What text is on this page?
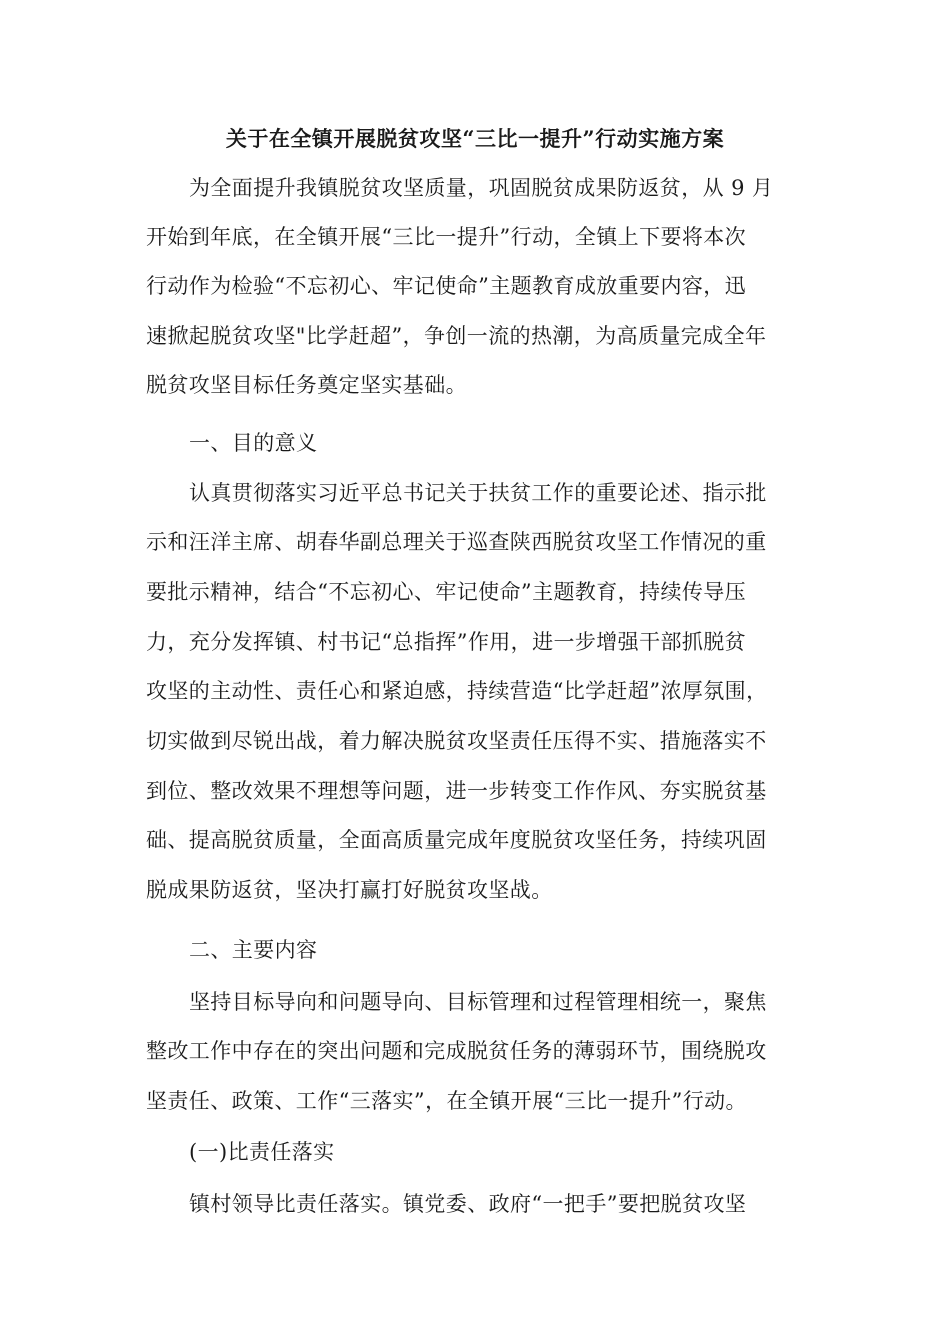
关于在全镇开展脱贫攻坚“三比一提升”行动实施方案
为全面提升我镇脱贫攻坚质量，巩固脱贫成果防返贫，从 9 月
开始到年底，在全镇开展“三比一提升”行动，全镇上下要将本次
行动作为检验“不忘初心、牢记使命”主题教育成放重要内容，迅
速掀起脱贫攻坚"比学赶超”，争创一流的热潮，为高质量完成全年
脱贫攻坚目标任务奠定坚实基础。
一、目的意义
认真贯彻落实习近平总书记关于扶贫工作的重要论述、指示批
示和汪洋主席、胡春华副总理关于巡查陕西脱贫攻坚工作情况的重
要批示精神，结合“不忘初心、牢记使命”主题教育，持续传导压
力，充分发挥镇、村书记“总指挥”作用，进一步增强干部抓脱贫
攻坚的主动性、责任心和紧迫感，持续营造“比学赶超”浓厚氛围，
切实做到尽锐出战，着力解决脱贫攻坚责任压得不实、措施落实不
到位、整改效果不理想等问题，进一步转变工作作风、夯实脱贫基
础、提高脱贫质量，全面高质量完成年度脱贫攻坚任务，持续巩固
脱成果防返贫，坚决打赢打好脱贫攻坚战。
二、主要内容
坚持目标导向和问题导向、目标管理和过程管理相统一，聚焦
整改工作中存在的突出问题和完成脱贫任务的薄弱环节，围绕脱攻
坚责任、政策、工作“三落实”，在全镇开展“三比一提升”行动。
(一)比责任落实
镇村领导比责任落实。镇党委、政府“一把手”要把脱贫攻坚
